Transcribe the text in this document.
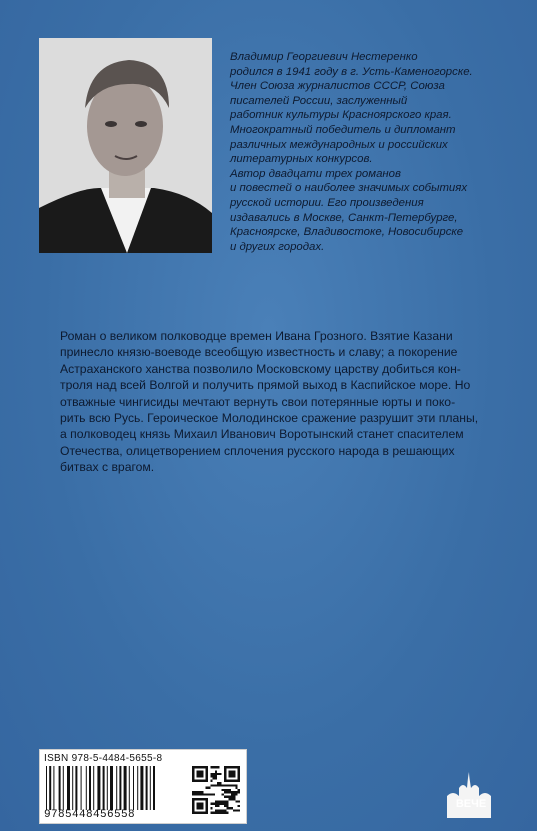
Владимир Георгиевич Нестеренко
родился в 1941 году в г. Усть-Каменогорске.
Член Союза журналистов СССР, Союза
писателей России, заслуженный
работник культуры Красноярского края.
Многократный победитель и дипломант
различных международных и российских
литературных конкурсов.
Автор двадцати трех романов
и повестей о наиболее значимых событиях
русской истории. Его произведения
издавались в Москве, Санкт-Петербурге,
Красноярске, Владивостоке, Новосибирске
и других городах.
Роман о великом полководце времен Ивана Грозного. Взятие Казани
принесло князю-воеводе всеобщую известность и славу; а покорение
Астраханского ханства позволило Московскому царству добиться кон-
троля над всей Волгой и получить прямой выход в Каспийское море. Но
отважные чингисиды мечтают вернуть свои потерянные юрты и поко-
рить всю Русь. Героическое Молодинское сражение разрушит эти планы,
а полководец князь Михаил Иванович Воротынский станет спасителем
Отечества, олицетворением сплочения русского народа в решающих
битвах с врагом.
ISBN 978-5-4484-5655-8
9785448456558
ВЕЧЕ
